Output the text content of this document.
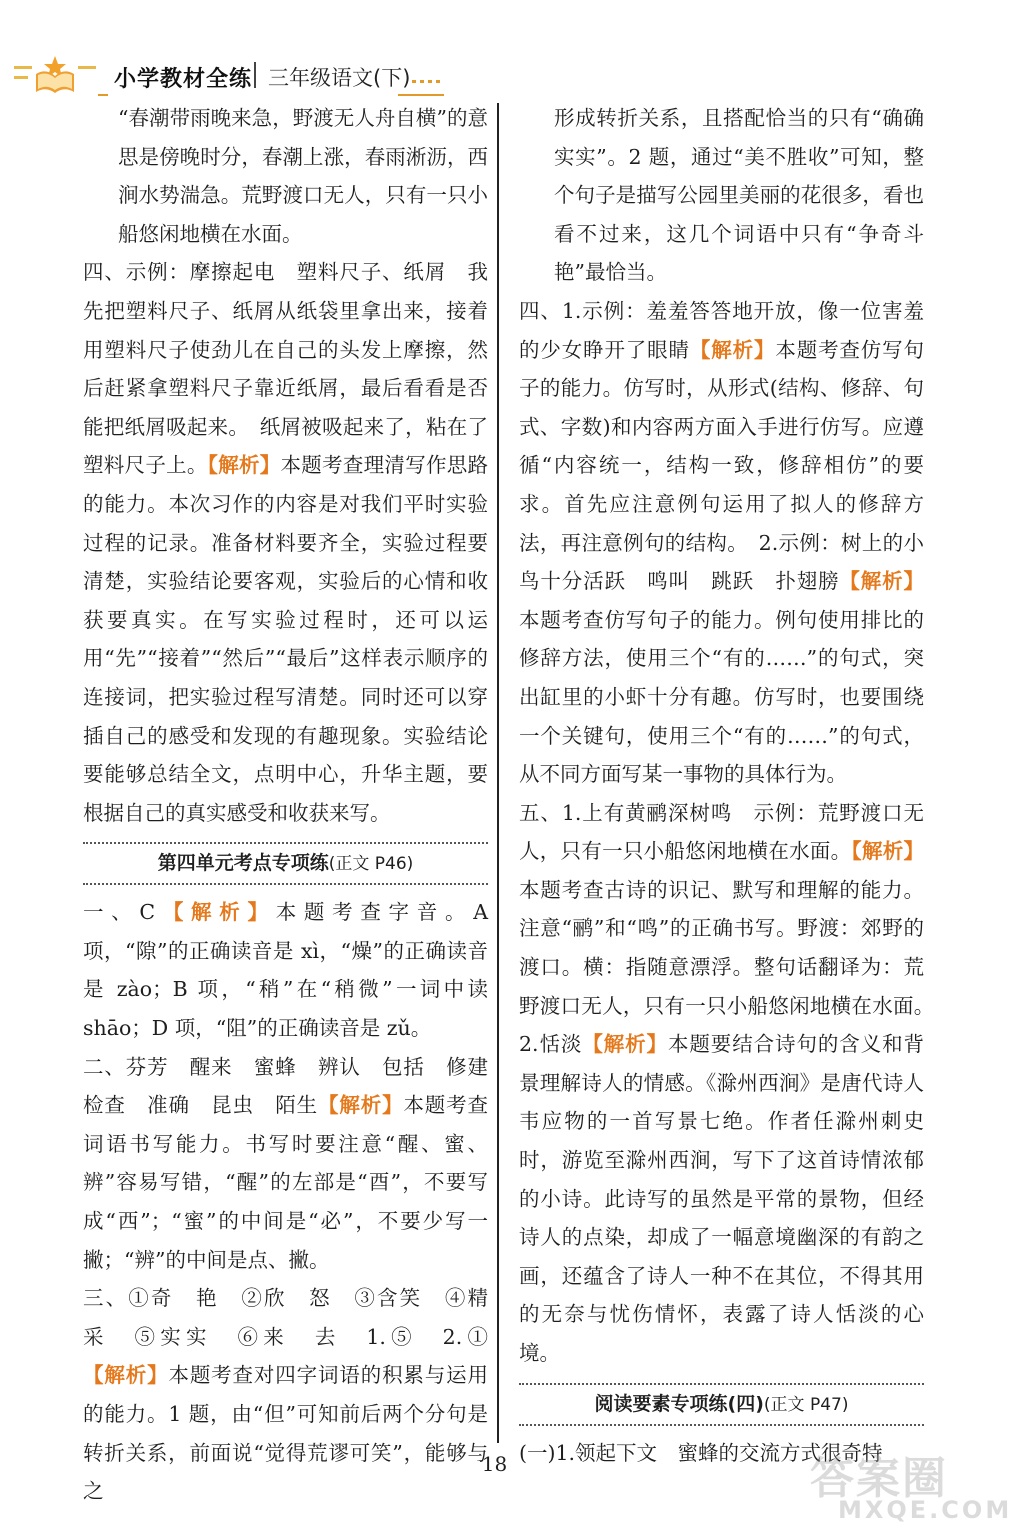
小学教材全练 三年级语文(下)

“春潮带雨晚来急，野渡无人舟自横”的意思是傍晚时分，春潮上涨，春雨淅沥，西涧水势湍急。荒野渡口无人，只有一只小船悠闲地横在水面。

四、示例：摩擦起电　塑料尺子、纸屑　我先把塑料尺子、纸屑从纸袋里拿出来，接着用塑料尺子使劲儿在自己的头发上摩擦，然后赶紧拿塑料尺子靠近纸屑，最后看看是否能把纸屑吸起来。　纸屑被吸起来了，粘在了塑料尺子上。【解析】本题考查理清写作思路的能力。本次习作的内容是对我们平时实验过程的记录。准备材料要齐全，实验过程要清楚，实验结论要客观，实验后的心情和收获要真实。在写实验过程时，还可以运用“先”“接着”“然后”“最后”这样表示顺序的连接词，把实验过程写清楚。同时还可以穿插自己的感受和发现的有趣现象。实验结论要能够总结全文，点明中心，升华主题，要根据自己的真实感受和收获来写。

第四单元考点专项练(正文 P46)

一、C【解析】本题考查字音。A 项，“隙”的正确读音是 xì，“燥”的正确读音是 zào；B 项，“稍”在“稍微”一词中读 shāo；D 项，“阻”的正确读音是 zǔ。

二、芬芳　醒来　蜜蜂　辨认　包括　修建　检查　准确　昆虫　陌生【解析】本题考查词语书写能力。书写时要注意“醒、蜜、辨”容易写错，“醒”的左部是“酉”，不要写成“西”；“蜜”的中间是“必”，不要少写一撇；“辨”的中间是点、撇。

三、①奇　艳　②欣　怒　③含笑　④精　采　⑤实实　⑥来　去　1.⑤　2.①【解析】本题考查对四字词语的积累与运用的能力。1 题，由“但”可知前后两个分句是转折关系，前面说“觉得荒谬可笑”，能够与之

形成转折关系，且搭配恰当的只有“确确实实”。2 题，通过“美不胜收”可知，整个句子是描写公园里美丽的花很多，看也看不过来，这几个词语中只有“争奇斗艳”最恰当。

四、1.示例：羞羞答答地开放，像一位害羞的少女睁开了眼睛【解析】本题考查仿写句子的能力。仿写时，从形式(结构、修辞、句式、字数)和内容两方面入手进行仿写。应遵循“内容统一，结构一致，修辞相仿”的要求。首先应注意例句运用了拟人的修辞方法，再注意例句的结构。　2.示例：树上的小鸟十分活跃　鸣叫　跳跃　扑翅膀【解析】本题考查仿写句子的能力。例句使用排比的修辞方法，使用三个“有的……”的句式，突出缸里的小虾十分有趣。仿写时，也要围绕一个关键句，使用三个“有的……”的句式，从不同方面写某一事物的具体行为。

五、1.上有黄鹂深树鸣　示例：荒野渡口无人，只有一只小船悠闲地横在水面。【解析】本题考查古诗的识记、默写和理解的能力。注意“鹂”和“鸣”的正确书写。野渡：郊野的渡口。横：指随意漂浮。整句话翻译为：荒野渡口无人，只有一只小船悠闲地横在水面。　2.恬淡【解析】本题要结合诗句的含义和背景理解诗人的情感。《滁州西涧》是唐代诗人韦应物的一首写景七绝。作者任滁州刺史时，游览至滁州西涧，写下了这首诗情浓郁的小诗。此诗写的虽然是平常的景物，但经诗人的点染，却成了一幅意境幽深的有韵之画，还蕴含了诗人一种不在其位，不得其用的无奈与忧伤情怀，表露了诗人恬淡的心境。

阅读要素专项练(四)(正文 P47)

(一)1.领起下文　蜜蜂的交流方式很奇特

18	答案圈
MXQE.COM
